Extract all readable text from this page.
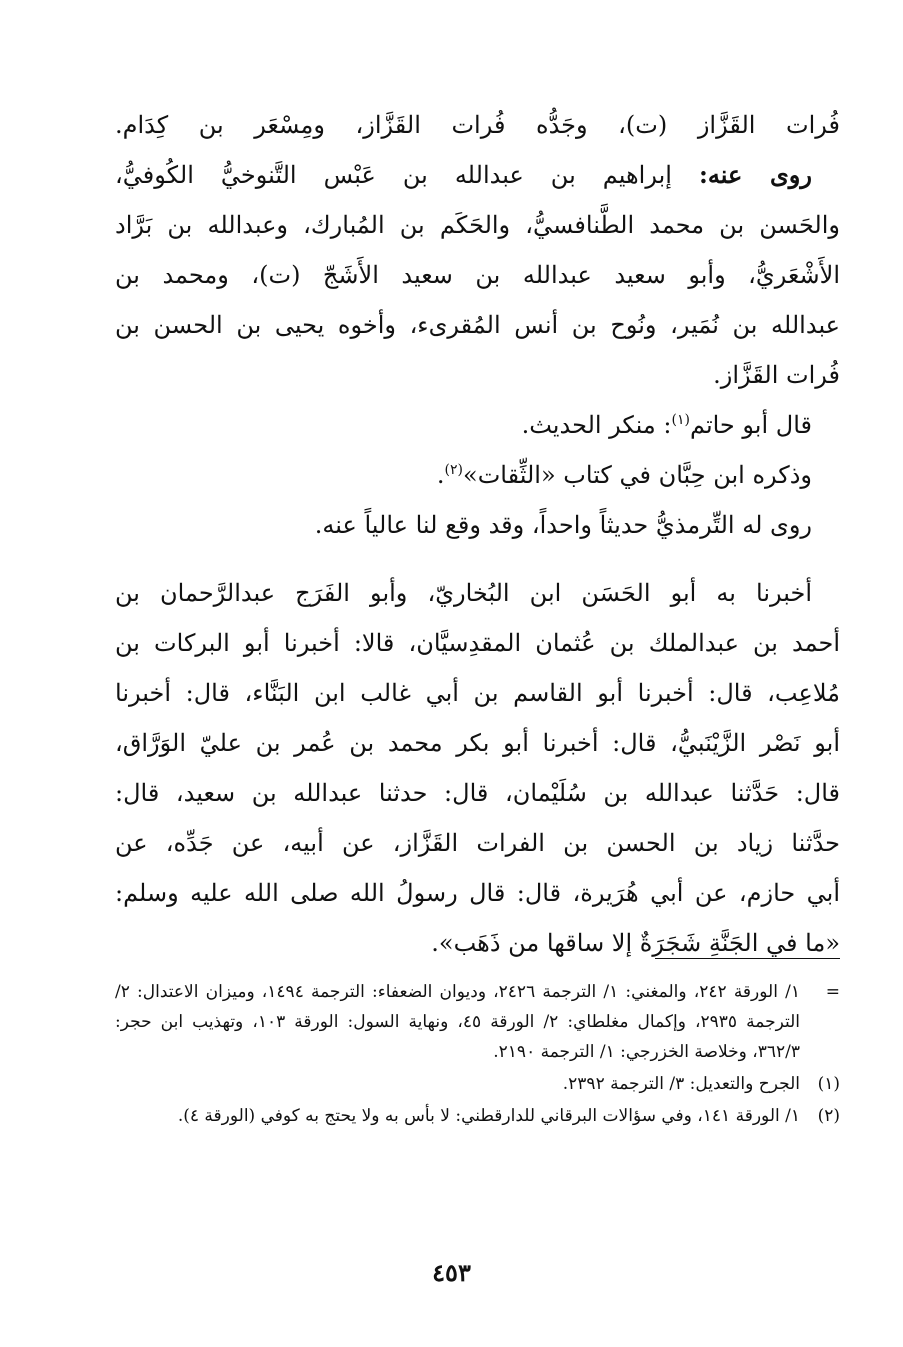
فُرات القَزَّاز (ت)، وجَدُّه فُرات القَزَّاز، ومِسْعَر بن كِدَام.
روى عنه: إبراهيم بن عبدالله بن عَبْس التَّنوخيُّ الكُوفيُّ،
والحَسن بن محمد الطَّنافسيُّ، والحَكَم بن المُبارك، وعبدالله بن بَرَّاد
الأَشْعَريُّ، وأبو سعيد عبدالله بن سعيد الأَشَجّ (ت)، ومحمد بن
عبدالله بن نُمَير، ونُوح بن أنس المُقرىء، وأخوه يحيى بن الحسن بن
فُرات القَزَّاز.
قال أبو حاتم$^{(١)}$: منكر الحديث.
وذكره ابن حِبَّان في كتاب «الثِّقات»$^{(٢)}$.
روى له التِّرمذيُّ حديثاً واحداً، وقد وقع لنا عالياً عنه.
أخبرنا به أبو الحَسَن ابن البُخاريّ، وأبو الفَرَج عبدالرَّحمان بن
أحمد بن عبدالملك بن عُثمان المقدِسيَّان، قالا: أخبرنا أبو البركات بن
مُلاعِب، قال: أخبرنا أبو القاسم بن أبي غالب ابن البَنَّاء، قال: أخبرنا
أبو نَصْر الزَّيْنَبيُّ، قال: أخبرنا أبو بكر محمد بن عُمر بن عليّ الوَرَّاق،
قال: حَدَّثنا عبدالله بن سُلَيْمان، قال: حدثنا عبدالله بن سعيد، قال:
حدَّثنا زياد بن الحسن بن الفرات القَزَّاز، عن أبيه، عن جَدِّه، عن
أبي حازم، عن أبي هُرَيرة، قال: قال رسولُ الله صلى الله عليه وسلم:
«ما في الجَنَّةِ شَجَرَةٌ إلا ساقها من ذَهَب».
=
١/ الورقة ٢٤٢، والمغني: ١/ الترجمة ٢٤٢٦، وديوان الضعفاء: الترجمة ١٤٩٤، وميزان الاعتدال: ٢/ الترجمة ٢٩٣٥، وإكمال مغلطاي: ٢/ الورقة ٤٥، ونهاية السول: الورقة ١٠٣، وتهذيب ابن حجر: ٣٦٢/٣، وخلاصة الخزرجي: ١/ الترجمة ٢١٩٠.
(١)
الجرح والتعديل: ٣/ الترجمة ٢٣٩٢.
(٢)
١/ الورقة ١٤١، وفي سؤالات البرقاني للدارقطني: لا بأس به ولا يحتج به كوفي (الورقة ٤).
٤٥٣
